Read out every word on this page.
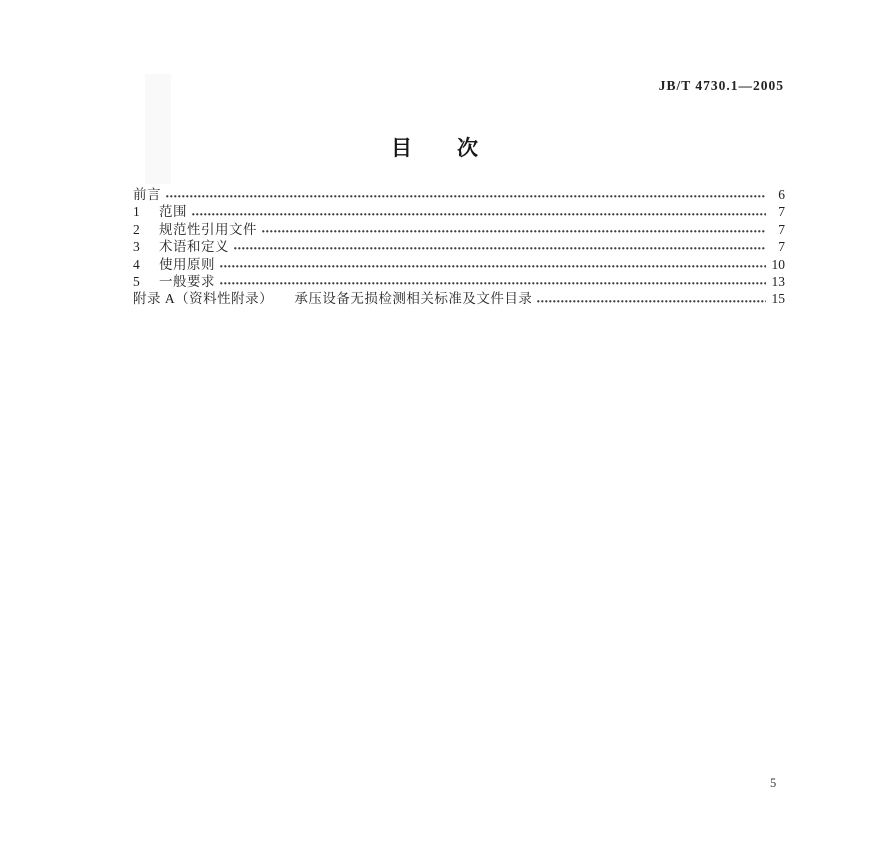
JB/T 4730.1—2005
目　　次
前言	6
1	范围	7
2	规范性引用文件	7
3	术语和定义	7
4	使用原则	10
5	一般要求	13
附录 A（资料性附录）　　承压设备无损检测相关标准及文件目录	15
5
